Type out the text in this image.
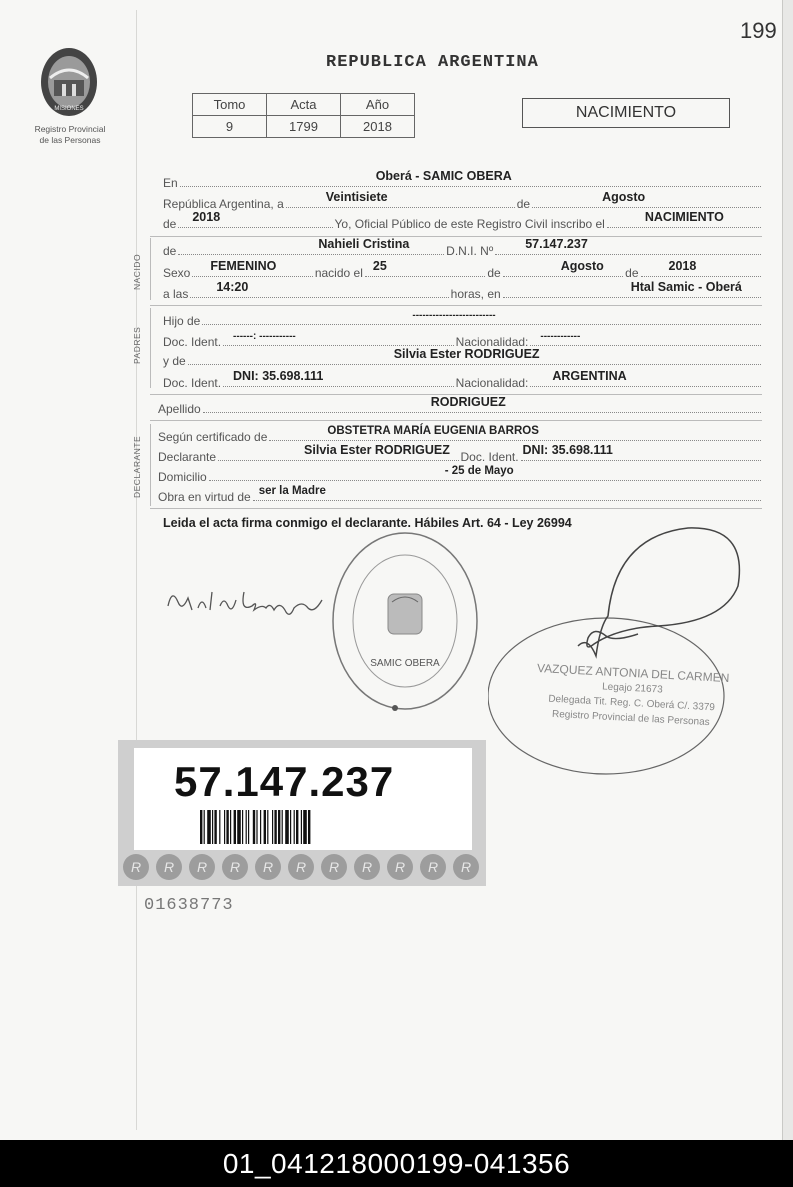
MISIONES
Registro Provincial
de las Personas
199
REPUBLICA ARGENTINA
Tomo	Acta	Año
9	1799	2018
NACIMIENTO
En	Oberá - SAMIC OBERA
República Argentina, a	Veintisiete	de	Agosto
de 2018	Yo, Oficial Público de este Registro Civil inscribo el	NACIMIENTO
NACIDO
de	Nahieli Cristina	D.N.I. Nº	57.147.237
Sexo FEMENINO	nacido el 25	de	Agosto de 2018
a las 14:20	horas, en	Htal Samic - Oberá
PADRES
Hijo de	-------------------------
Doc. Ident. ------: -----------	Nacionalidad: ------------
y de	Silvia Ester RODRIGUEZ
Doc. Ident. DNI: 35.698.111	Nacionalidad: ARGENTINA
Apellido	RODRIGUEZ
DECLARANTE Según certificado de	OBSTETRA MARÍA EUGENIA BARROS
Declarante	Silvia Ester RODRIGUEZ Doc. Ident. DNI: 35.698.111
Domicilio	- 25 de Mayo
Obra en virtud de ser la Madre
Leida el acta firma conmigo el declarante. Hábiles Art. 64 - Ley 26994
SAMIC OBERA	VAZQUEZ ANTONIA DEL CARMEN
Legajo 21673
Delegada Tit. Reg. C. Oberá C/. 3379
Registro Provincial de las Personas
57.147.237
R R R R R R R R R R R
01638773
01_041218000199-041356
